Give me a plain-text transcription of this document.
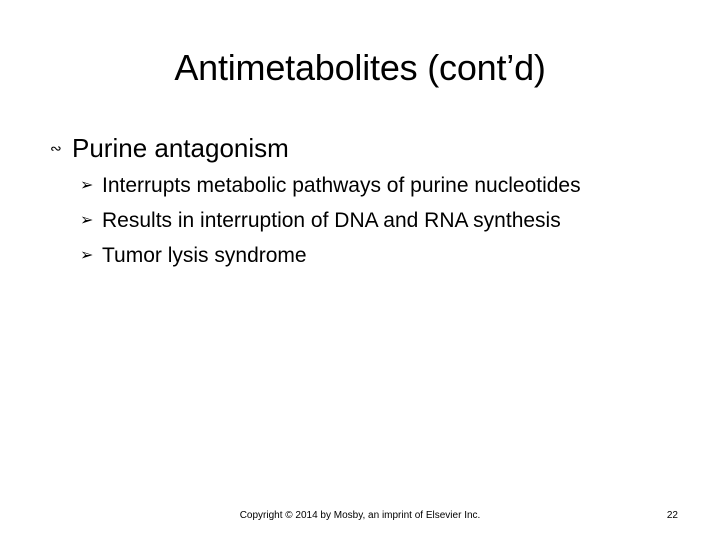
Antimetabolites (cont’d)
∾ Purine antagonism
➢ Interrupts metabolic pathways of purine nucleotides
➢ Results in interruption of DNA and RNA synthesis
➢ Tumor lysis syndrome
Copyright © 2014 by Mosby, an imprint of Elsevier Inc.	22
